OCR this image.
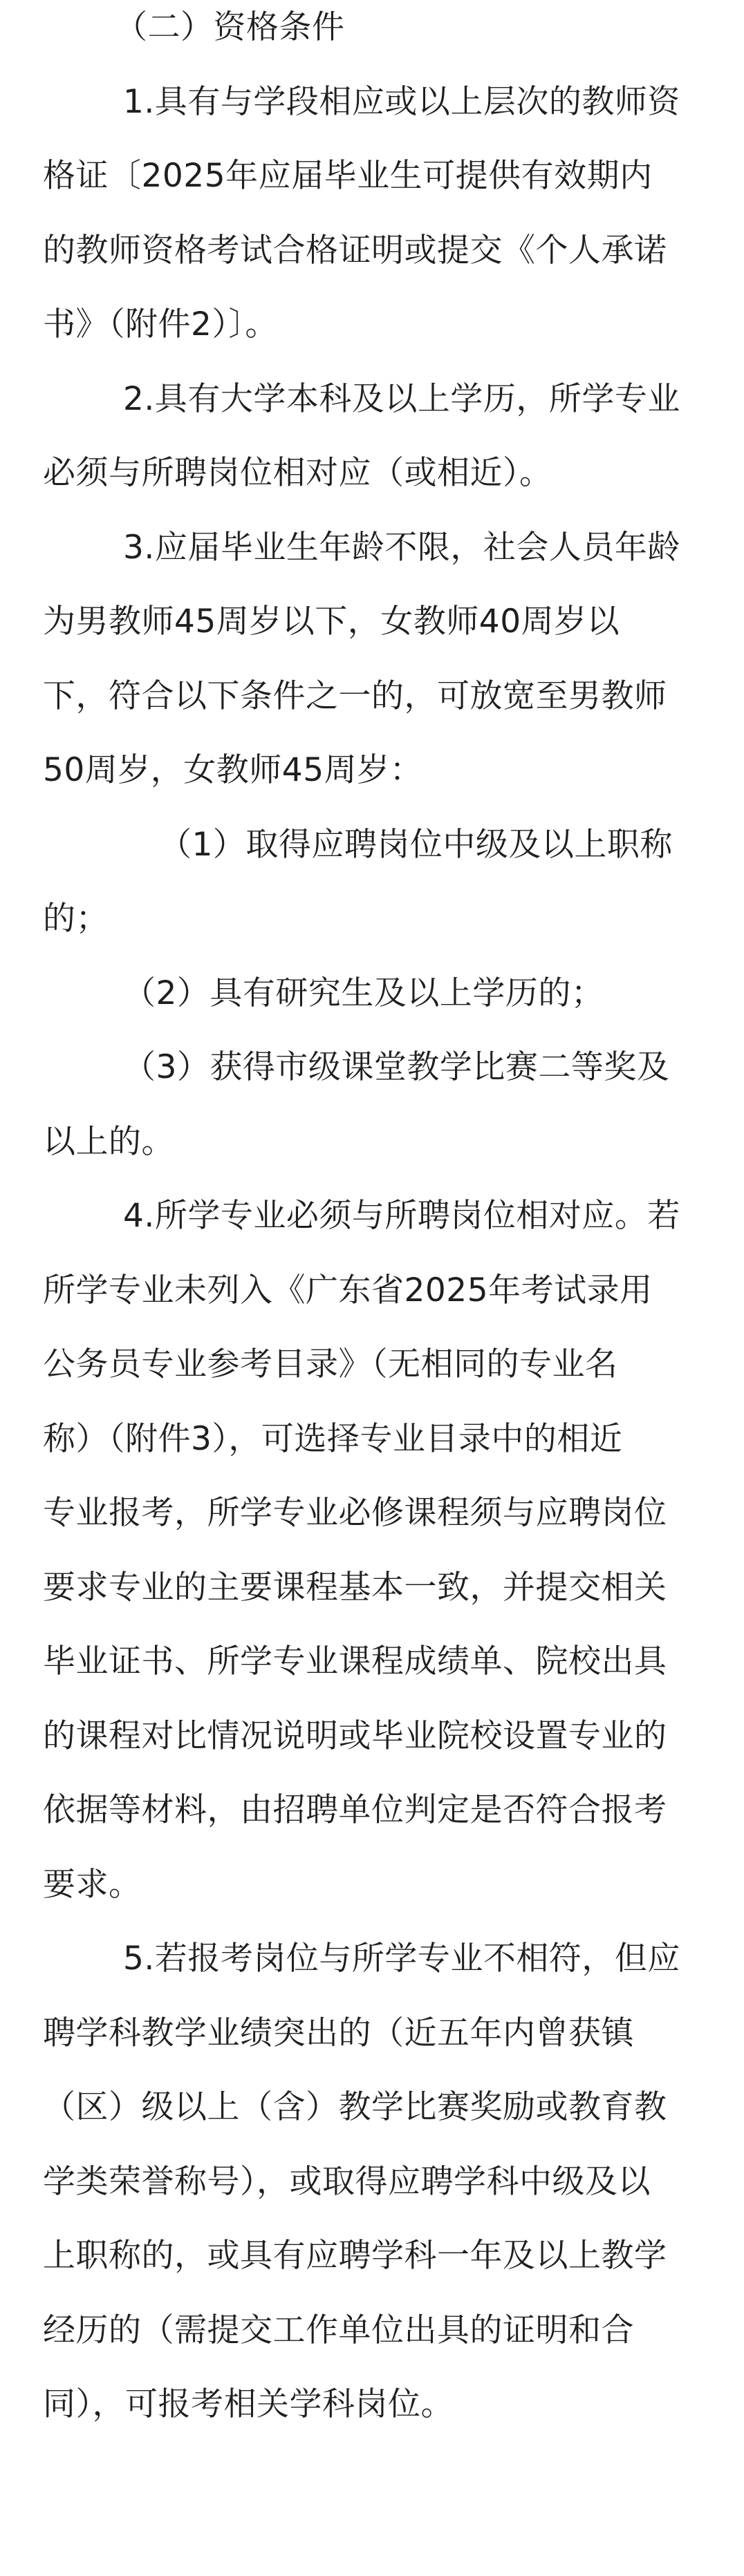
（二）资格条件
1.具有与学段相应或以上层次的教师资
格证〔2025年应届毕业生可提供有效期内
的教师资格考试合格证明或提交《个人承诺
书》（附件2）〕。
2.具有大学本科及以上学历，所学专业
必须与所聘岗位相对应（或相近）。
3.应届毕业生年龄不限，社会人员年龄
为男教师45周岁以下，女教师40周岁以
下，符合以下条件之一的，可放宽至男教师
50周岁，女教师45周岁：
（1）取得应聘岗位中级及以上职称
的；
（2）具有研究生及以上学历的；
（3）获得市级课堂教学比赛二等奖及
以上的。
4.所学专业必须与所聘岗位相对应。若
所学专业未列入《广东省2025年考试录用
公务员专业参考目录》（无相同的专业名
称）（附件3），可选择专业目录中的相近
专业报考，所学专业必修课程须与应聘岗位
要求专业的主要课程基本一致，并提交相关
毕业证书、所学专业课程成绩单、院校出具
的课程对比情况说明或毕业院校设置专业的
依据等材料，由招聘单位判定是否符合报考
要求。
5.若报考岗位与所学专业不相符，但应
聘学科教学业绩突出的（近五年内曾获镇
（区）级以上（含）教学比赛奖励或教育教
学类荣誉称号），或取得应聘学科中级及以
上职称的，或具有应聘学科一年及以上教学
经历的（需提交工作单位出具的证明和合
同），可报考相关学科岗位。
